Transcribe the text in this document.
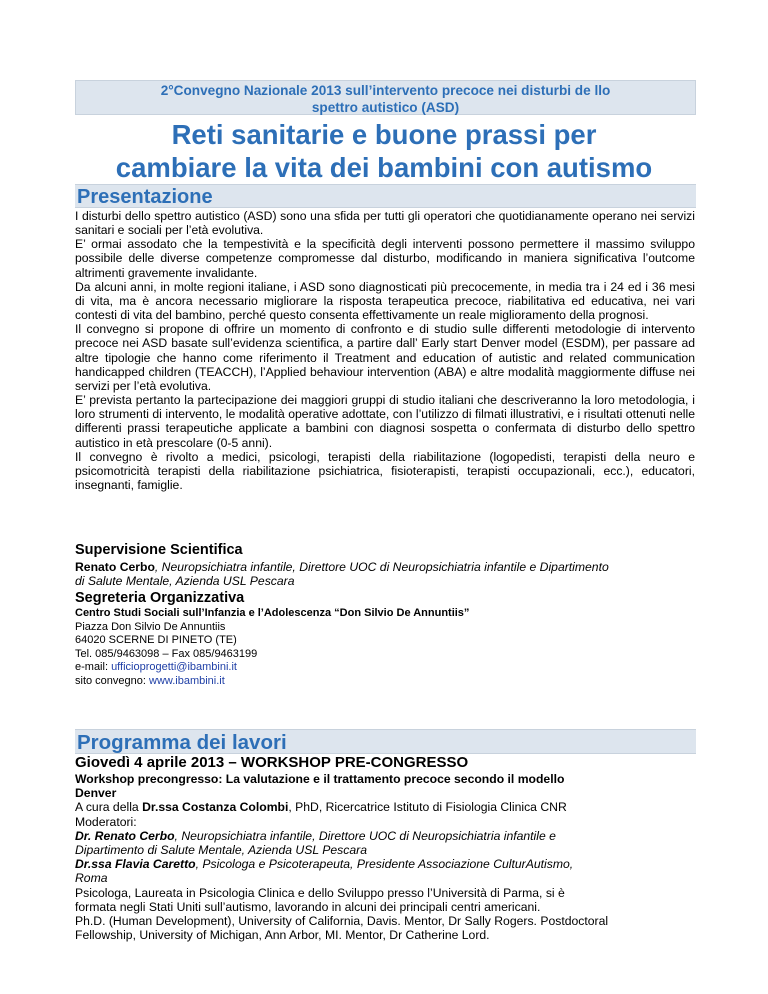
2°Convegno Nazionale 2013 sull’intervento precoce nei disturbi de llo
spettro autistico (ASD)
Reti sanitarie e buone prassi per
cambiare la vita dei bambini con autismo
Presentazione

I disturbi dello spettro autistico (ASD) sono una sfida per tutti gli operatori che quotidianamente operano nei servizi sanitari e sociali per l’età evolutiva.

E’ ormai assodato che la tempestività e la specificità degli interventi possono permettere il massimo sviluppo possibile delle diverse competenze compromesse dal disturbo, modificando in maniera significativa l’outcome altrimenti gravemente invalidante.

Da alcuni anni, in molte regioni italiane, i ASD sono diagnosticati più precocemente, in media tra i 24 ed i 36 mesi di vita, ma è ancora necessario migliorare la risposta terapeutica precoce, riabilitativa ed educativa, nei vari contesti di vita del bambino, perché questo consenta effettivamente un reale miglioramento della prognosi.

Il convegno si propone di offrire un momento di confronto e di studio sulle differenti metodologie di intervento precoce nei ASD basate sull’evidenza scientifica, a partire dall’ Early start Denver model (ESDM), per passare ad altre tipologie che hanno come riferimento il Treatment and education of autistic and related communication handicapped children (TEACCH), l’Applied behaviour intervention (ABA) e altre modalità maggiormente diffuse nei servizi per l’età evolutiva.

E’ prevista pertanto la partecipazione dei maggiori gruppi di studio italiani che descriveranno la loro metodologia, i loro strumenti di intervento, le modalità operative adottate, con l’utilizzo di filmati illustrativi, e i risultati ottenuti nelle differenti prassi terapeutiche applicate a bambini con diagnosi sospetta o confermata di disturbo dello spettro autistico in età prescolare (0-5 anni).

Il convegno è rivolto a medici, psicologi, terapisti della riabilitazione (logopedisti, terapisti della neuro e psicomotricità terapisti della riabilitazione psichiatrica, fisioterapisti, terapisti occupazionali, ecc.), educatori, insegnanti, famiglie.

Supervisione Scientifica

Renato Cerbo, Neuropsichiatra infantile, Direttore UOC di Neuropsichiatria infantile e Dipartimento

di Salute Mentale, Azienda USL Pescara

Segreteria Organizzativa

Centro Studi Sociali sull’Infanzia e l’Adolescenza “Don Silvio De Annuntiis”

Piazza Don Silvio De Annuntiis

64020 SCERNE DI PINETO (TE)

Tel. 085/9463098 – Fax 085/9463199

e-mail: ufficioprogetti@ibambini.it

sito convegno: www.ibambini.it

Programma dei lavori

Giovedì 4 aprile 2013 – WORKSHOP PRE-CONGRESSO

Workshop precongresso: La valutazione e il trattamento precoce secondo il modello

Denver

A cura della Dr.ssa Costanza Colombi, PhD, Ricercatrice Istituto di Fisiologia Clinica CNR

Moderatori:

Dr. Renato Cerbo, Neuropsichiatra infantile, Direttore UOC di Neuropsichiatria infantile e

Dipartimento di Salute Mentale, Azienda USL Pescara

Dr.ssa Flavia Caretto, Psicologa e Psicoterapeuta, Presidente Associazione CulturAutismo,

Roma

Psicologa, Laureata in Psicologia Clinica e dello Sviluppo presso l’Università di Parma, si è

formata negli Stati Uniti sull’autismo, lavorando in alcuni dei principali centri americani.

Ph.D. (Human Development), University of California, Davis. Mentor, Dr Sally Rogers. Postdoctoral

Fellowship, University of Michigan, Ann Arbor, MI. Mentor, Dr Catherine Lord.
